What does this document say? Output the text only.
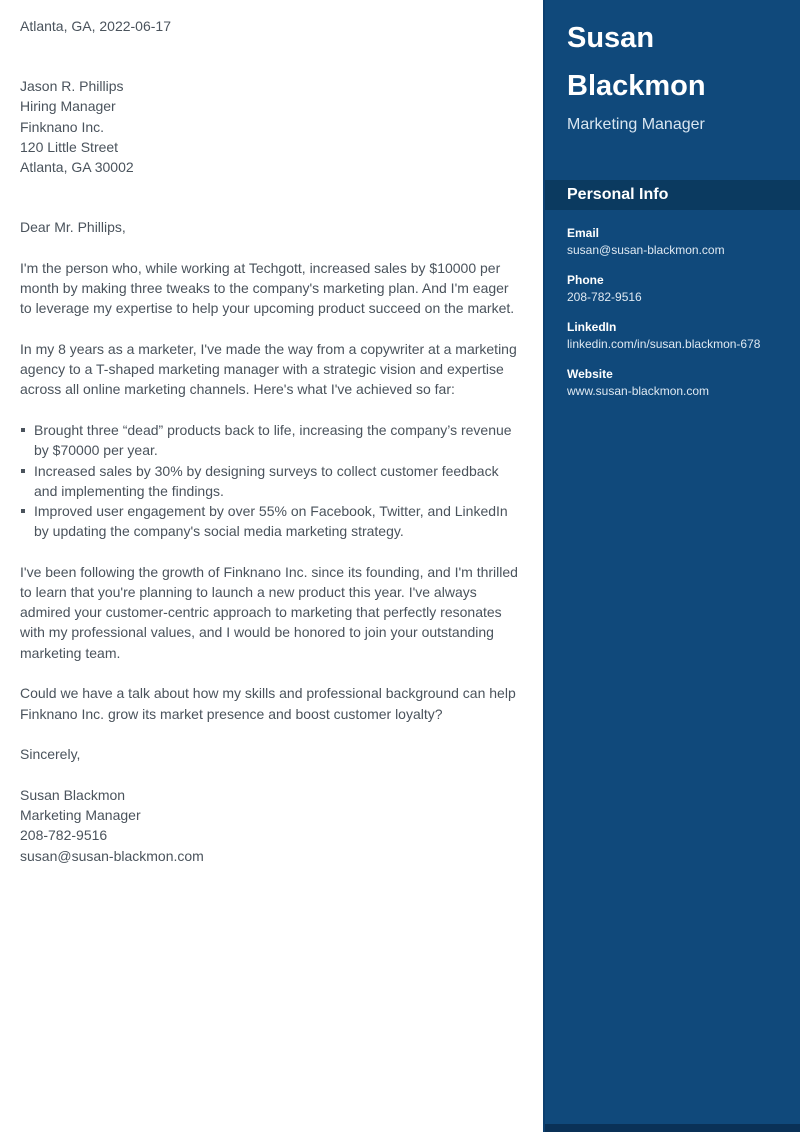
Atlanta, GA, 2022-06-17
Jason R. Phillips
Hiring Manager
Finknano Inc.
120 Little Street
Atlanta, GA 30002

Dear Mr. Phillips,

I'm the person who, while working at Techgott, increased sales by $10000 per month by making three tweaks to the company's marketing plan. And I'm eager to leverage my expertise to help your upcoming product succeed on the market.

In my 8 years as a marketer, I've made the way from a copywriter at a marketing agency to a T-shaped marketing manager with a strategic vision and expertise across all online marketing channels. Here's what I've achieved so far:

Brought three “dead” products back to life, increasing the company’s revenue by $70000 per year.
Increased sales by 30% by designing surveys to collect customer feedback and implementing the findings.
Improved user engagement by over 55% on Facebook, Twitter, and LinkedIn by updating the company's social media marketing strategy.

I've been following the growth of Finknano Inc. since its founding, and I'm thrilled to learn that you're planning to launch a new product this year. I've always admired your customer-centric approach to marketing that perfectly resonates with my professional values, and I would be honored to join your outstanding marketing team.

Could we have a talk about how my skills and professional background can help Finknano Inc. grow its market presence and boost customer loyalty?

Sincerely,

Susan Blackmon
Marketing Manager
208-782-9516
susan@susan-blackmon.com
Susan
Blackmon
Marketing Manager
Personal Info
Email
susan@susan-blackmon.com
Phone
208-782-9516
LinkedIn
linkedin.com/in/susan.blackmon-678
Website
www.susan-blackmon.com
